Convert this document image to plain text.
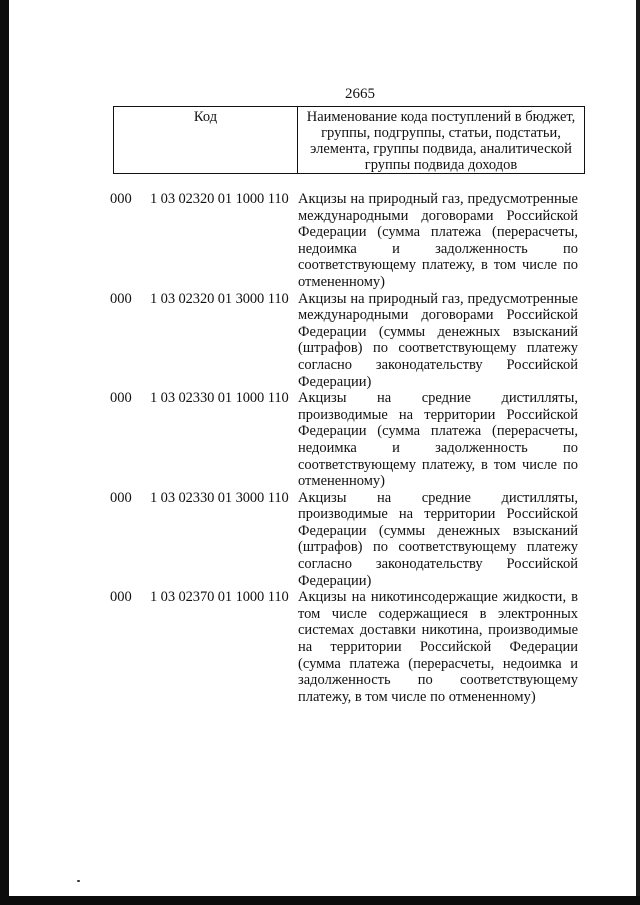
2665
Код	Наименование кода поступлений в бюджет, группы, подгруппы, статьи, подстатьи, элемента, группы подвида, аналитической группы подвида доходов
000	1 03 02320 01 1000 110 Акцизы на природный газ, предусмотренные международными договорами Российской Федерации (сумма платежа (перерасчеты, недоимка и задолженность по соответствующему платежу, в том числе по отмененному)
000	1 03 02320 01 3000 110 Акцизы на природный газ, предусмотренные международными договорами Российской Федерации (суммы денежных взысканий (штрафов) по соответствующему платежу согласно законодательству Российской Федерации)
000	1 03 02330 01 1000 110 Акцизы на средние дистилляты, производимые на территории Российской Федерации (сумма платежа (перерасчеты, недоимка и задолженность по соответствующему платежу, в том числе по отмененному)
000	1 03 02330 01 3000 110 Акцизы на средние дистилляты, производимые на территории Российской Федерации (суммы денежных взысканий (штрафов) по соответствующему платежу согласно законодательству Российской Федерации)
000	1 03 02370 01 1000 110 Акцизы на никотинсодержащие жидкости, в том числе содержащиеся в электронных системах доставки никотина, производимые на территории Российской Федерации (сумма платежа (перерасчеты, недоимка и задолженность по соответствующему платежу, в том числе по отмененному)
